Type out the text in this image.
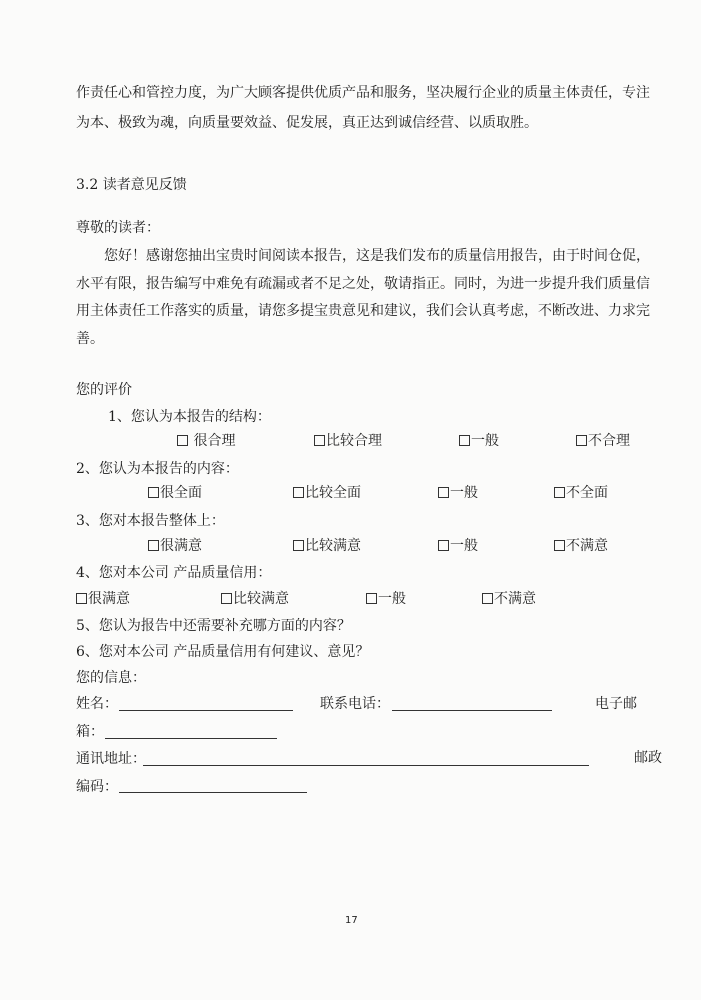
作责任心和管控力度，为广大顾客提供优质产品和服务，坚决履行企业的质量主体责任，专注
为本、极致为魂，向质量要效益、促发展，真正达到诚信经营、以质取胜。
3.2 读者意见反馈
尊敬的读者：
您好！感谢您抽出宝贵时间阅读本报告，这是我们发布的质量信用报告，由于时间仓促，
水平有限，报告编写中难免有疏漏或者不足之处，敬请指正。同时，为进一步提升我们质量信
用主体责任工作落实的质量，请您多提宝贵意见和建议，我们会认真考虑，不断改进、力求完
善。
您的评价
1、您认为本报告的结构：
很合理	比较合理	一般	不合理
2、您认为本报告的内容：
很全面	比较全面	一般	不全面
3、您对本报告整体上：
很满意	比较满意	一般	不满意
4、您对本公司 产品质量信用：
很满意	比较满意	一般	不满意
5、您认为报告中还需要补充哪方面的内容？
6、您对本公司 产品质量信用有何建议、意见？
您的信息：
姓名：	联系电话：	电子邮
箱：
通讯地址：	邮政
编码：
17
